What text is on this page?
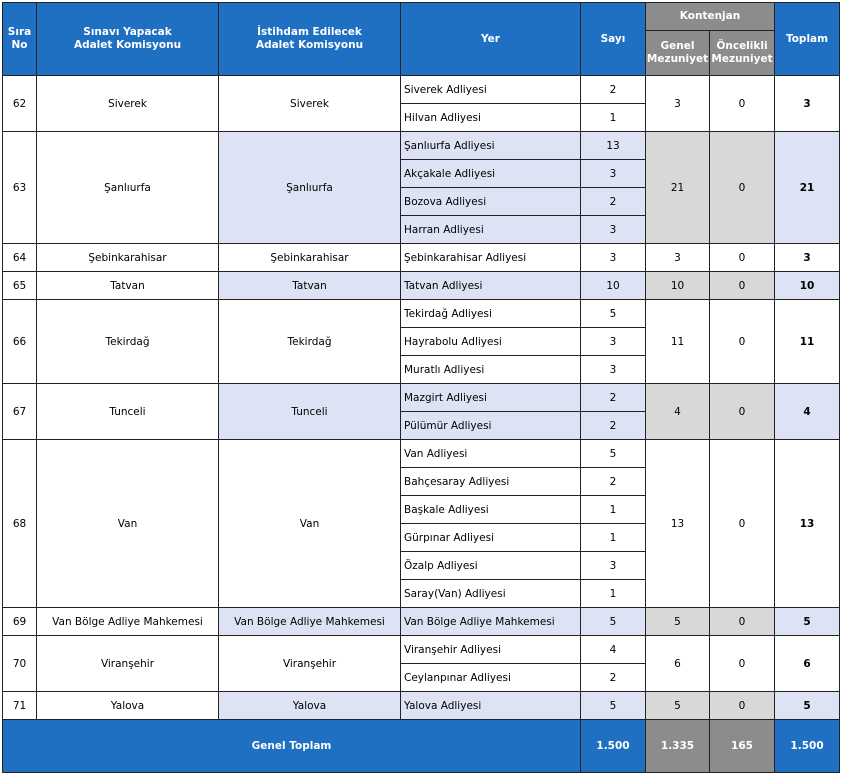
Sıra No	Sınavı Yapacak Adalet Komisyonu	İstihdam Edilecek Adalet Komisyonu	Yer	Sayı	Kontenjan		Toplam
					Genel Mezuniyet	Öncelikli Mezuniyet	
62	Siverek	Siverek	Siverek Adliyesi	2	3	0	3
			Hilvan Adliyesi	1			
63	Şanlıurfa	Şanlıurfa	Şanlıurfa Adliyesi	13	21	0	21
			Akçakale Adliyesi	3			
			Bozova Adliyesi	2			
			Harran Adliyesi	3			
64	Şebinkarahisar	Şebinkarahisar	Şebinkarahisar Adliyesi	3	3	0	3
65	Tatvan	Tatvan	Tatvan Adliyesi	10	10	0	10
66	Tekirdağ	Tekirdağ	Tekirdağ Adliyesi	5	11	0	11
			Hayrabolu Adliyesi	3			
			Muratlı Adliyesi	3			
67	Tunceli	Tunceli	Mazgirt Adliyesi	2	4	0	4
			Pülümür Adliyesi	2			
68	Van	Van	Van Adliyesi	5	13	0	13
			Bahçesaray Adliyesi	2			
			Başkale Adliyesi	1			
			Gürpınar Adliyesi	1			
			Özalp Adliyesi	3			
			Saray(Van) Adliyesi	1			
69	Van Bölge Adliye Mahkemesi	Van Bölge Adliye Mahkemesi	Van Bölge Adliye Mahkemesi	5	5	0	5
70	Viranşehir	Viranşehir	Viranşehir Adliyesi	4	6	0	6
			Ceylanpınar Adliyesi	2			
71	Yalova	Yalova	Yalova Adliyesi	5	5	0	5
Genel Toplam				1.500	1.335	165	1.500
